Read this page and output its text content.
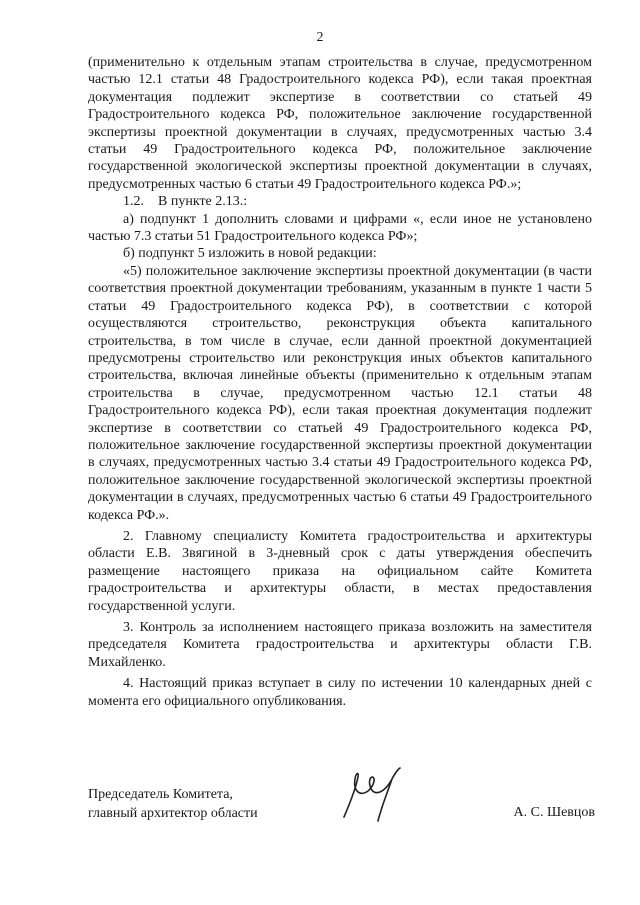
2

(применительно к отдельным этапам строительства в случае, предусмотренном частью 12.1 статьи 48 Градостроительного кодекса РФ), если такая проектная документация подлежит экспертизе в соответствии со статьей 49 Градостроительного кодекса РФ, положительное заключение государственной экспертизы проектной документации в случаях, предусмотренных частью 3.4 статьи 49 Градостроительного кодекса РФ, положительное заключение государственной экологической экспертизы проектной документации в случаях, предусмотренных частью 6 статьи 49 Градостроительного кодекса РФ.»;

1.2.    В пункте 2.13.:

а) подпункт 1 дополнить словами и цифрами «, если иное не установлено частью 7.3 статьи 51 Градостроительного кодекса РФ»;

б) подпункт 5 изложить в новой редакции:

«5) положительное заключение экспертизы проектной документации (в части соответствия проектной документации требованиям, указанным в пункте 1 части 5 статьи 49 Градостроительного кодекса РФ), в соответствии с которой осуществляются строительство, реконструкция объекта капитального строительства, в том числе в случае, если данной проектной документацией предусмотрены строительство или реконструкция иных объектов капитального строительства, включая линейные объекты (применительно к отдельным этапам строительства в случае, предусмотренном частью 12.1 статьи 48 Градостроительного кодекса РФ), если такая проектная документация подлежит экспертизе в соответствии со статьей 49 Градостроительного кодекса РФ, положительное заключение государственной экспертизы проектной документации в случаях, предусмотренных частью 3.4 статьи 49 Градостроительного кодекса РФ, положительное заключение государственной экологической экспертизы проектной документации в случаях, предусмотренных частью 6 статьи 49 Градостроительного кодекса РФ.».

2. Главному специалисту Комитета градостроительства и архитектуры области Е.В. Звягиной в 3-дневный срок с даты утверждения обеспечить размещение настоящего приказа на официальном сайте Комитета градостроительства и архитектуры области, в местах предоставления государственной услуги.

3. Контроль за исполнением настоящего приказа возложить на заместителя председателя Комитета градостроительства и архитектуры области Г.В. Михайленко.

4. Настоящий приказ вступает в силу по истечении 10 календарных дней с момента его официального опубликования.

Председатель Комитета,
главный архитектор области	А. С. Шевцов
